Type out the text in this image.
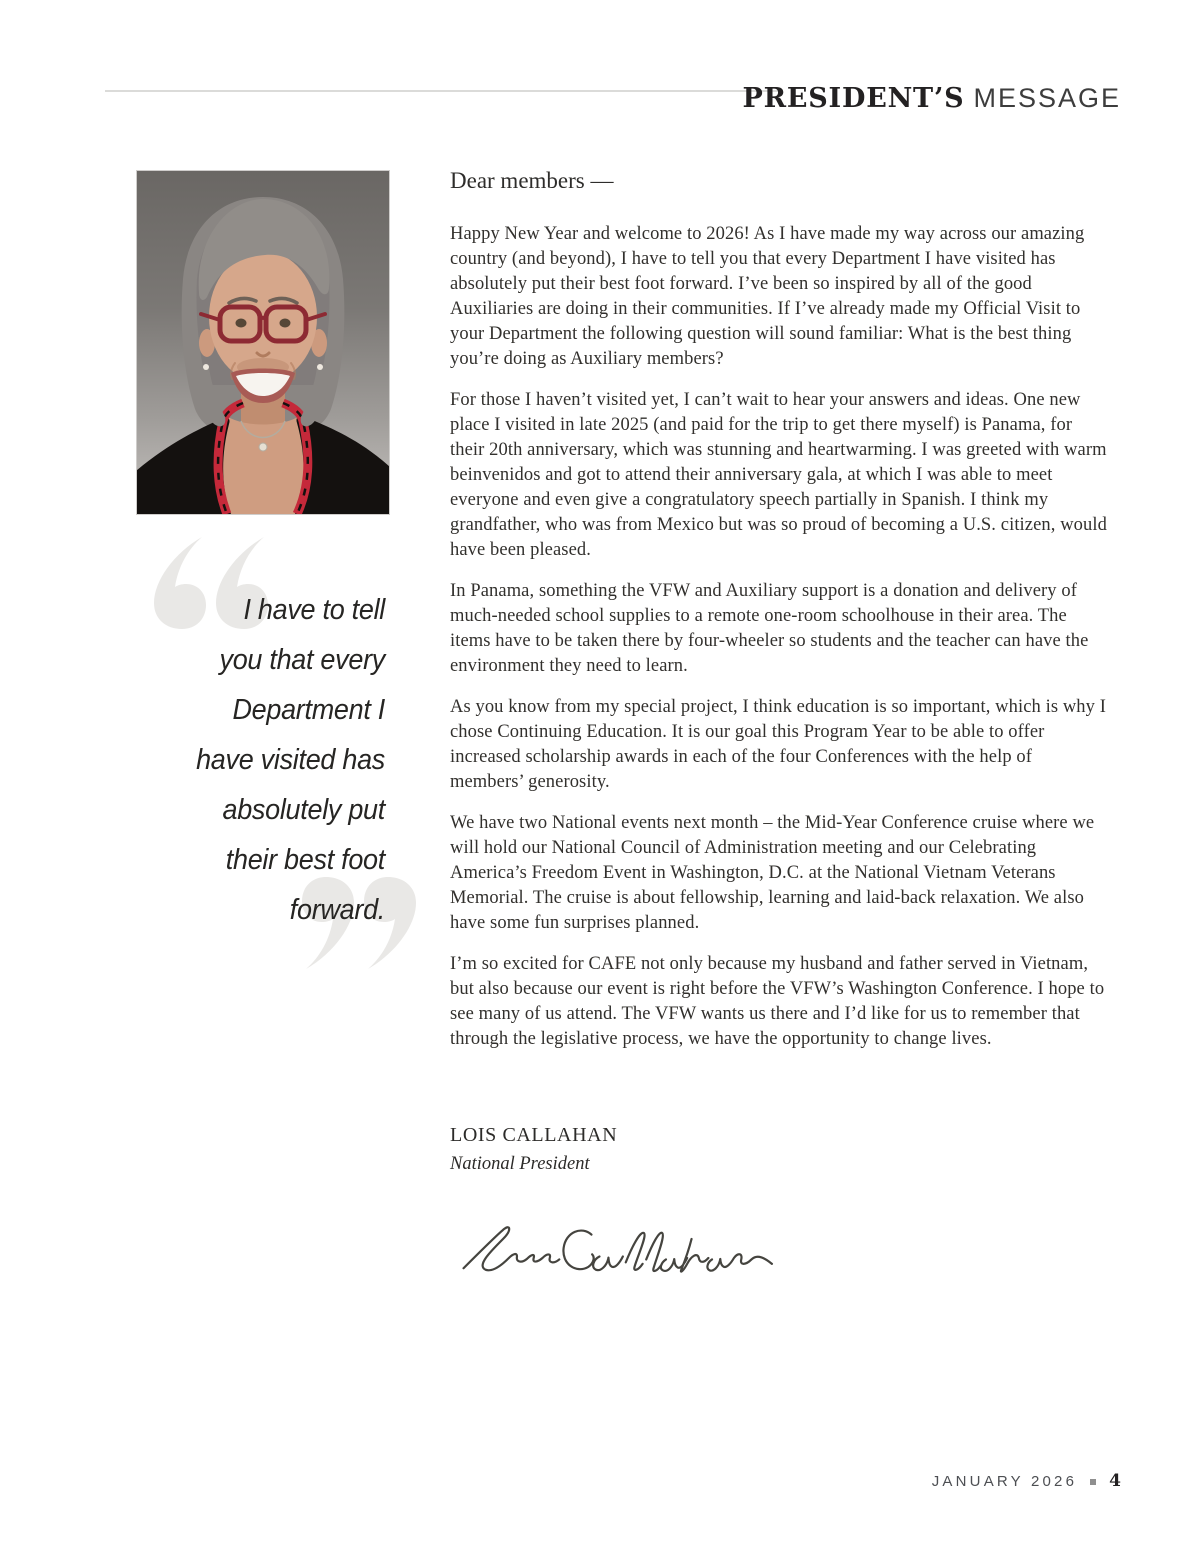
PRESIDENT’S MESSAGE
I have to tell
you that every
Department I
have visited has
absolutely put
their best foot
forward.

Dear members —

Happy New Year and welcome to 2026! As I have made my way across our amazing country (and beyond), I have to tell you that every Department I have visited has absolutely put their best foot forward. I’ve been so inspired by all of the good Auxiliaries are doing in their communities. If I’ve already made my Official Visit to your Department the following question will sound familiar: What is the best thing you’re doing as Auxiliary members?

For those I haven’t visited yet, I can’t wait to hear your answers and ideas. One new place I visited in late 2025 (and paid for the trip to get there myself) is Panama, for their 20th anniversary, which was stunning and heartwarming. I was greeted with warm beinvenidos and got to attend their anniversary gala, at which I was able to meet everyone and even give a congratulatory speech partially in Spanish. I think my grandfather, who was from Mexico but was so proud of becoming a U.S. citizen, would have been pleased.

In Panama, something the VFW and Auxiliary support is a donation and delivery of much-needed school supplies to a remote one-room schoolhouse in their area. The items have to be taken there by four-wheeler so students and the teacher can have the environment they need to learn.

As you know from my special project, I think education is so important, which is why I chose Continuing Education. It is our goal this Program Year to be able to offer increased scholarship awards in each of the four Conferences with the help of members’ generosity.

We have two National events next month – the Mid-Year Conference cruise where we will hold our National Council of Administration meeting and our Celebrating America’s Freedom Event in Washington, D.C. at the National Vietnam Veterans Memorial. The cruise is about fellowship, learning and laid-back relaxation. We also have some fun surprises planned.

I’m so excited for CAFE not only because my husband and father served in Vietnam, but also because our event is right before the VFW’s Washington Conference. I hope to see many of us attend. The VFW wants us there and I’d like for us to remember that through the legislative process, we have the opportunity to change lives.

LOIS CALLAHAN

National President

JANUARY 2026 4
